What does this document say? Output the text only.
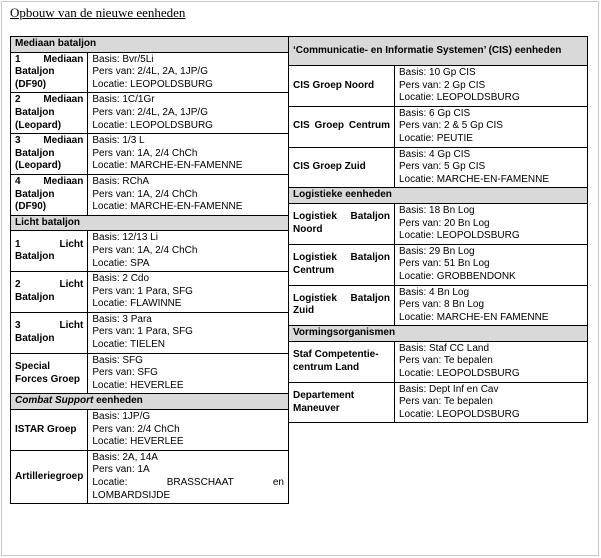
Opbouw van de nieuwe eenheden
Mediaan bataljon	
1 Mediaan Bataljon (DF90)	Basis: Bvr/5Li
Pers van: 2/4L, 2A, 1JP/G
Locatie: LEOPOLDSBURG

2 Mediaan Bataljon (Leopard)	Basis: 1C/1Gr
Pers van: 2/4L, 2A, 1JP/G
Locatie: LEOPOLDSBURG

3 Mediaan Bataljon (Leopard)	Basis: 1/3 L
Pers van: 1A, 2/4 ChCh
Locatie: MARCHE-EN-FAMENNE

4 Mediaan Bataljon (DF90)	Basis: RChA
Pers van: 1A, 2/4 ChCh
Locatie: MARCHE-EN-FAMENNE

Licht bataljon	
1 Licht Bataljon	Basis: 12/13 Li
Pers van: 1A, 2/4 ChCh
Locatie: SPA

2 Licht Bataljon	Basis: 2 Cdo
Pers van: 1 Para, SFG
Locatie: FLAWINNE

3 Licht Bataljon	Basis: 3 Para
Pers van: 1 Para, SFG
Locatie: TIELEN

Special Forces Groep	Basis: SFG
Pers van: SFG
Locatie: HEVERLEE

Combat Support eenheden	
ISTAR Groep	Basis: 1JP/G
Pers van: 2/4 ChCh
Locatie: HEVERLEE

Artilleriegroep	Basis: 2A, 14A
Pers van: 1A
Locatie: BRASSCHAAT en LOMBARDSIJDE
‘Communicatie- en Informatie Systemen’ (CIS) eenheden	
CIS Groep Noord	Basis: 10 Gp CIS
Pers van: 2 Gp CIS
Locatie: LEOPOLDSBURG

CIS Groep Centrum	Basis: 6 Gp CIS
Pers van: 2 & 5 Gp CIS
Locatie: PEUTIE

CIS Groep Zuid	Basis: 4 Gp CIS
Pers van: 5 Gp CIS
Locatie: MARCHE-EN-FAMENNE

Logistieke eenheden	
Logistiek Bataljon Noord	Basis: 18 Bn Log
Pers van: 20 Bn Log
Locatie: LEOPOLDSBURG

Logistiek Bataljon Centrum	Basis: 29 Bn Log
Pers van: 51 Bn Log
Locatie: GROBBENDONK

Logistiek Bataljon Zuid	Basis: 4 Bn Log
Pers van: 8 Bn Log
Locatie: MARCHE-EN FAMENNE

Vormingsorganismen	
Staf Competentie-centrum Land	Basis: Staf CC Land
Pers van: Te bepalen
Locatie: LEOPOLDSBURG

Departement Maneuver	Basis: Dept Inf en Cav
Pers van: Te bepalen
Locatie: LEOPOLDSBURG
